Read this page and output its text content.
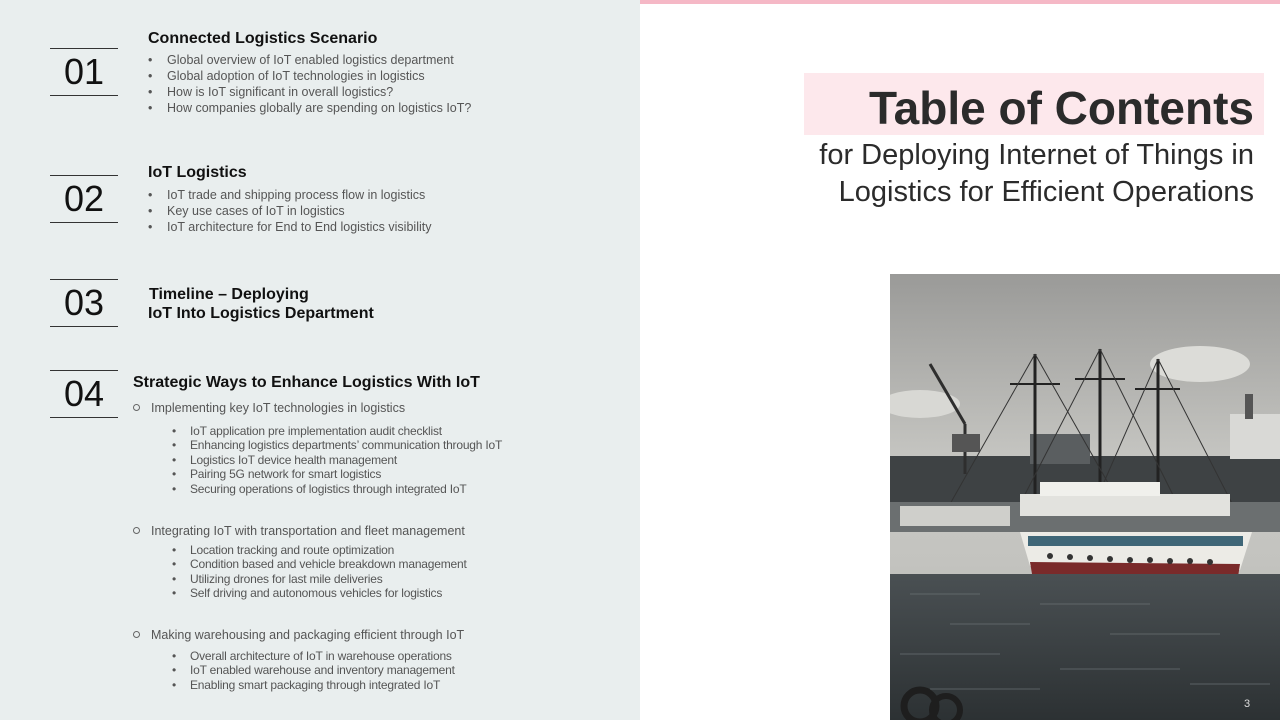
01
Connected Logistics Scenario
• Global overview of IoT enabled logistics department
• Global adoption of IoT technologies in logistics
• How is IoT significant in overall logistics?
• How companies globally are spending on logistics IoT?
02
IoT Logistics
• IoT trade and shipping process flow in logistics
• Key use cases of IoT in logistics
• IoT architecture for End to End logistics visibility
03	Timeline – Deploying
IoT Into Logistics Department
04	Strategic Ways to Enhance Logistics With IoT
Implementing key IoT technologies in logistics
• IoT application pre implementation audit checklist
• Enhancing logistics departments’ communication through IoT
• Logistics IoT device health management
• Pairing 5G network for smart logistics
• Securing operations of logistics through integrated IoT
Integrating IoT with transportation and fleet management
• Location tracking and route optimization
• Condition based and vehicle breakdown management
• Utilizing drones for last mile deliveries
• Self driving and autonomous vehicles for logistics
Making warehousing and packaging efficient through IoT
• Overall architecture of IoT in warehouse operations
• IoT enabled warehouse and inventory management
• Enabling smart packaging through integrated IoT
Table of Contents
for Deploying Internet of Things in
Logistics for Efficient Operations
3
